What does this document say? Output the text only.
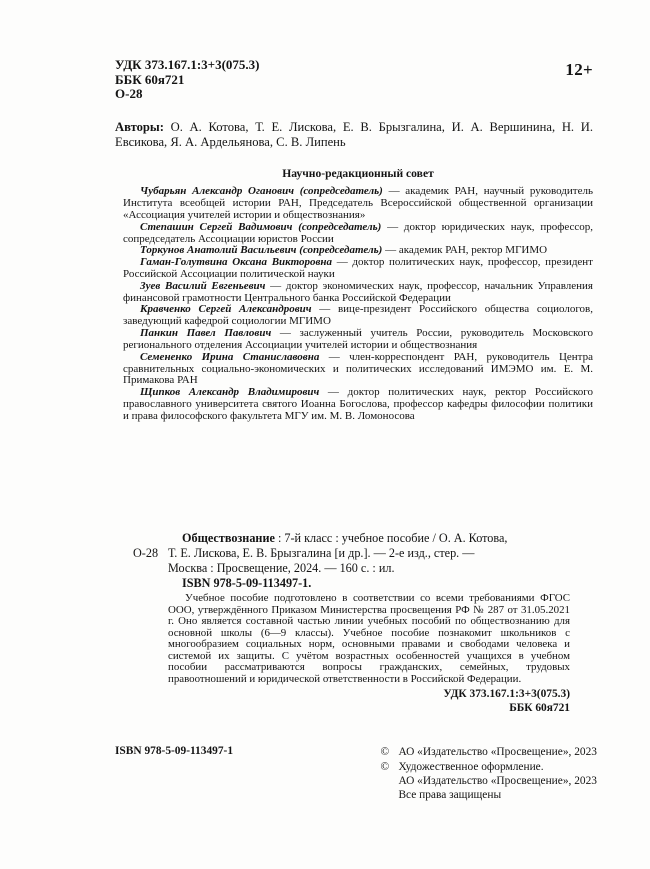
УДК 373.167.1:3+3(075.3)
ББК 60я721
О-28
12+

Авторы: О. А. Котова, Т. Е. Лискова, Е. В. Брызгалина, И. А. Вершинина, Н. И. Евсикова, Я. А. Ардельянова, С. В. Липень

Научно-редакционный совет

Чубарьян Александр Оганович (сопредседатель) — академик РАН, научный руководитель Института всеобщей истории РАН, Председатель Всероссийской общественной организации «Ассоциация учителей истории и обществознания»

Степашин Сергей Вадимович (сопредседатель) — доктор юридических наук, профессор, сопредседатель Ассоциации юристов России

Торкунов Анатолий Васильевич (сопредседатель) — академик РАН, ректор МГИМО

Гаман-Голутвина Оксана Викторовна — доктор политических наук, профессор, президент Российской Ассоциации политической науки

Зуев Василий Евгеньевич — доктор экономических наук, профессор, начальник Управления финансовой грамотности Центрального банка Российской Федерации

Кравченко Сергей Александрович — вице-президент Российского общества социологов, заведующий кафедрой социологии МГИМО

Панкин Павел Павлович — заслуженный учитель России, руководитель Московского регионального отделения Ассоциации учителей истории и обществознания

Семененко Ирина Станиславовна — член-корреспондент РАН, руководитель Центра сравнительных социально-экономических и политических исследований ИМЭМО им. Е. М. Примакова РАН

Щипков Александр Владимирович — доктор политических наук, ректор Российского православного университета святого Иоанна Богослова, профессор кафедры философии политики и права философского факультета МГУ им. М. В. Ломоносова

О-28

Обществознание : 7-й класс : учебное пособие / О. А. Котова,

Т. Е. Лискова, Е. В. Брызгалина [и др.]. — 2-е изд., стер. —

Москва : Просвещение, 2024. — 160 с. : ил.

ISBN 978-5-09-113497-1.

Учебное пособие подготовлено в соответствии со всеми требованиями ФГОС ООО, утверждённого Приказом Министерства просвещения РФ № 287 от 31.05.2021 г. Оно является составной частью линии учебных пособий по обществознанию для основной школы (6—9 классы). Учебное пособие познакомит школьников с многообразием социальных норм, основными правами и свободами человека и системой их защиты. С учётом возрастных особенностей учащихся в учебном пособии рассматриваются вопросы гражданских, семейных, трудовых правоотношений и юридической ответственности в Российской Федерации.

УДК 373.167.1:3+3(075.3)
ББК 60я721
ISBN 978-5-09-113497-1	© АО «Издательство «Просвещение», 2023
© Художественное оформление.
АО «Издательство «Просвещение», 2023
Все права защищены
